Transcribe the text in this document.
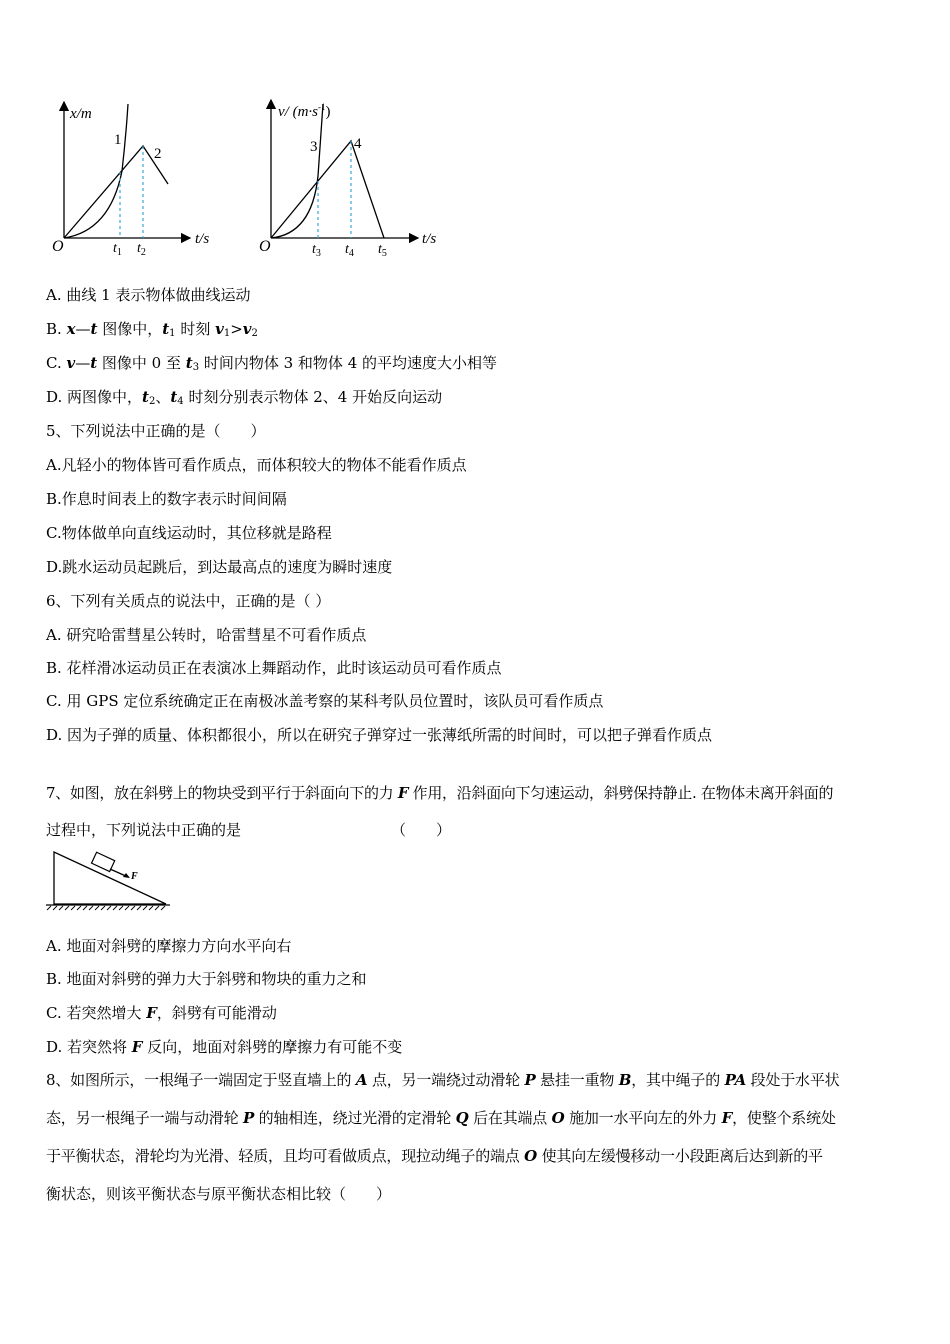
x/m
t/s
O
1
2
$t_1$ $t_2$
v/ $(m\cdot s^{-1})$
t/s
O
3 4
$t_3$ $t_4$ $t_5$
A. 曲线 1 表示物体做曲线运动
B. x—t 图像中，$t_1$ 时刻 $v_1>v_2$
C. v—t 图像中 0 至 $t_3$ 时间内物体 3 和物体 4 的平均速度大小相等
D. 两图像中，$t_2$、$t_4$ 时刻分别表示物体 2、4 开始反向运动
5、下列说法中正确的是（　　）
A.凡轻小的物体皆可看作质点，而体积较大的物体不能看作质点
B.作息时间表上的数字表示时间间隔
C.物体做单向直线运动时，其位移就是路程
D.跳水运动员起跳后，到达最高点的速度为瞬时速度
6、下列有关质点的说法中，正确的是（ ）
A. 研究哈雷彗星公转时，哈雷彗星不可看作质点
B. 花样滑冰运动员正在表演冰上舞蹈动作，此时该运动员可看作质点
C. 用 GPS 定位系统确定正在南极冰盖考察的某科考队员位置时，该队员可看作质点
D. 因为子弹的质量、体积都很小，所以在研究子弹穿过一张薄纸所需的时间时，可以把子弹看作质点
7、如图，放在斜劈上的物块受到平行于斜面向下的力 F 作用，沿斜面向下匀速运动，斜劈保持静止. 在物体未离开斜面的
过程中，下列说法中正确的是	（　　）
F
A. 地面对斜劈的摩擦力方向水平向右
B. 地面对斜劈的弹力大于斜劈和物块的重力之和
C. 若突然增大 F，斜劈有可能滑动
D. 若突然将 F 反向，地面对斜劈的摩擦力有可能不变
8、如图所示，一根绳子一端固定于竖直墙上的 A 点，另一端绕过动滑轮 P 悬挂一重物 B，其中绳子的 PA 段处于水平状
态，另一根绳子一端与动滑轮 P 的轴相连，绕过光滑的定滑轮 Q 后在其端点 O 施加一水平向左的外力 F，使整个系统处
于平衡状态，滑轮均为光滑、轻质，且均可看做质点，现拉动绳子的端点 O 使其向左缓慢移动一小段距离后达到新的平
衡状态，则该平衡状态与原平衡状态相比较（　　）
